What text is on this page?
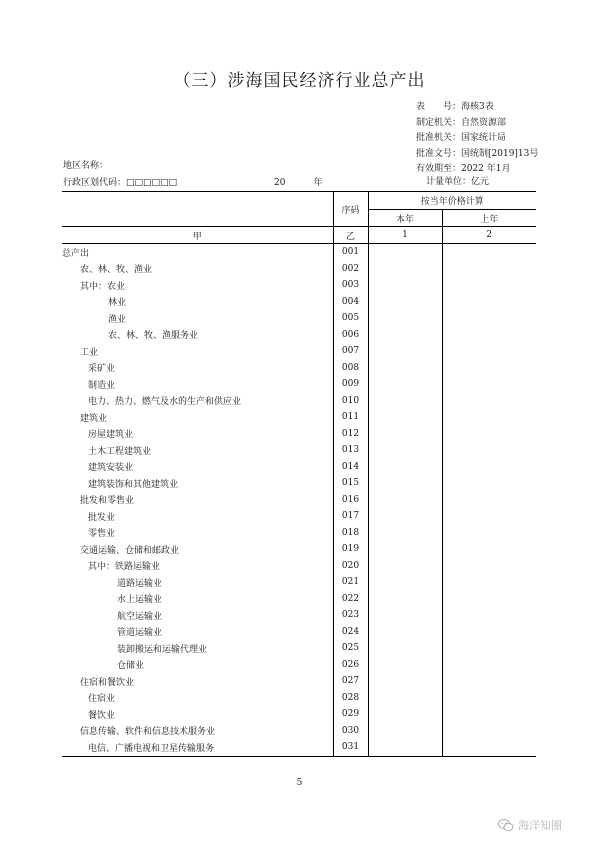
（三）涉海国民经济行业总产出
表　　号：海核3表
制定机关：自然资源部
批准机关：国家统计局
批准文号：国统制[2019]13号
有效期至：2022 年1月
地区名称：
行政区划代码：□□□□□□	20	年	计量单位：亿元
	序码	按当年价格计算	
		本年	上年
甲	乙	1	2
总产出	001		
农、林、牧、渔业	002		
其中：农业	003		
林业	004		
渔业	005		
农、林、牧、渔服务业	006		
工业	007		
采矿业	008		
制造业	009		
电力、热力、燃气及水的生产和供应业	010		
建筑业	011		
房屋建筑业	012		
土木工程建筑业	013		
建筑安装业	014		
建筑装饰和其他建筑业	015		
批发和零售业	016		
批发业	017		
零售业	018		
交通运输、仓储和邮政业	019		
其中：铁路运输业	020		
道路运输业	021		
水上运输业	022		
航空运输业	023		
管道运输业	024		
装卸搬运和运输代理业	025		
仓储业	026		
住宿和餐饮业	027		
住宿业	028		
餐饮业	029		
信息传输、软件和信息技术服务业	030		
电信、广播电视和卫星传输服务	031		
5
海洋知圈
